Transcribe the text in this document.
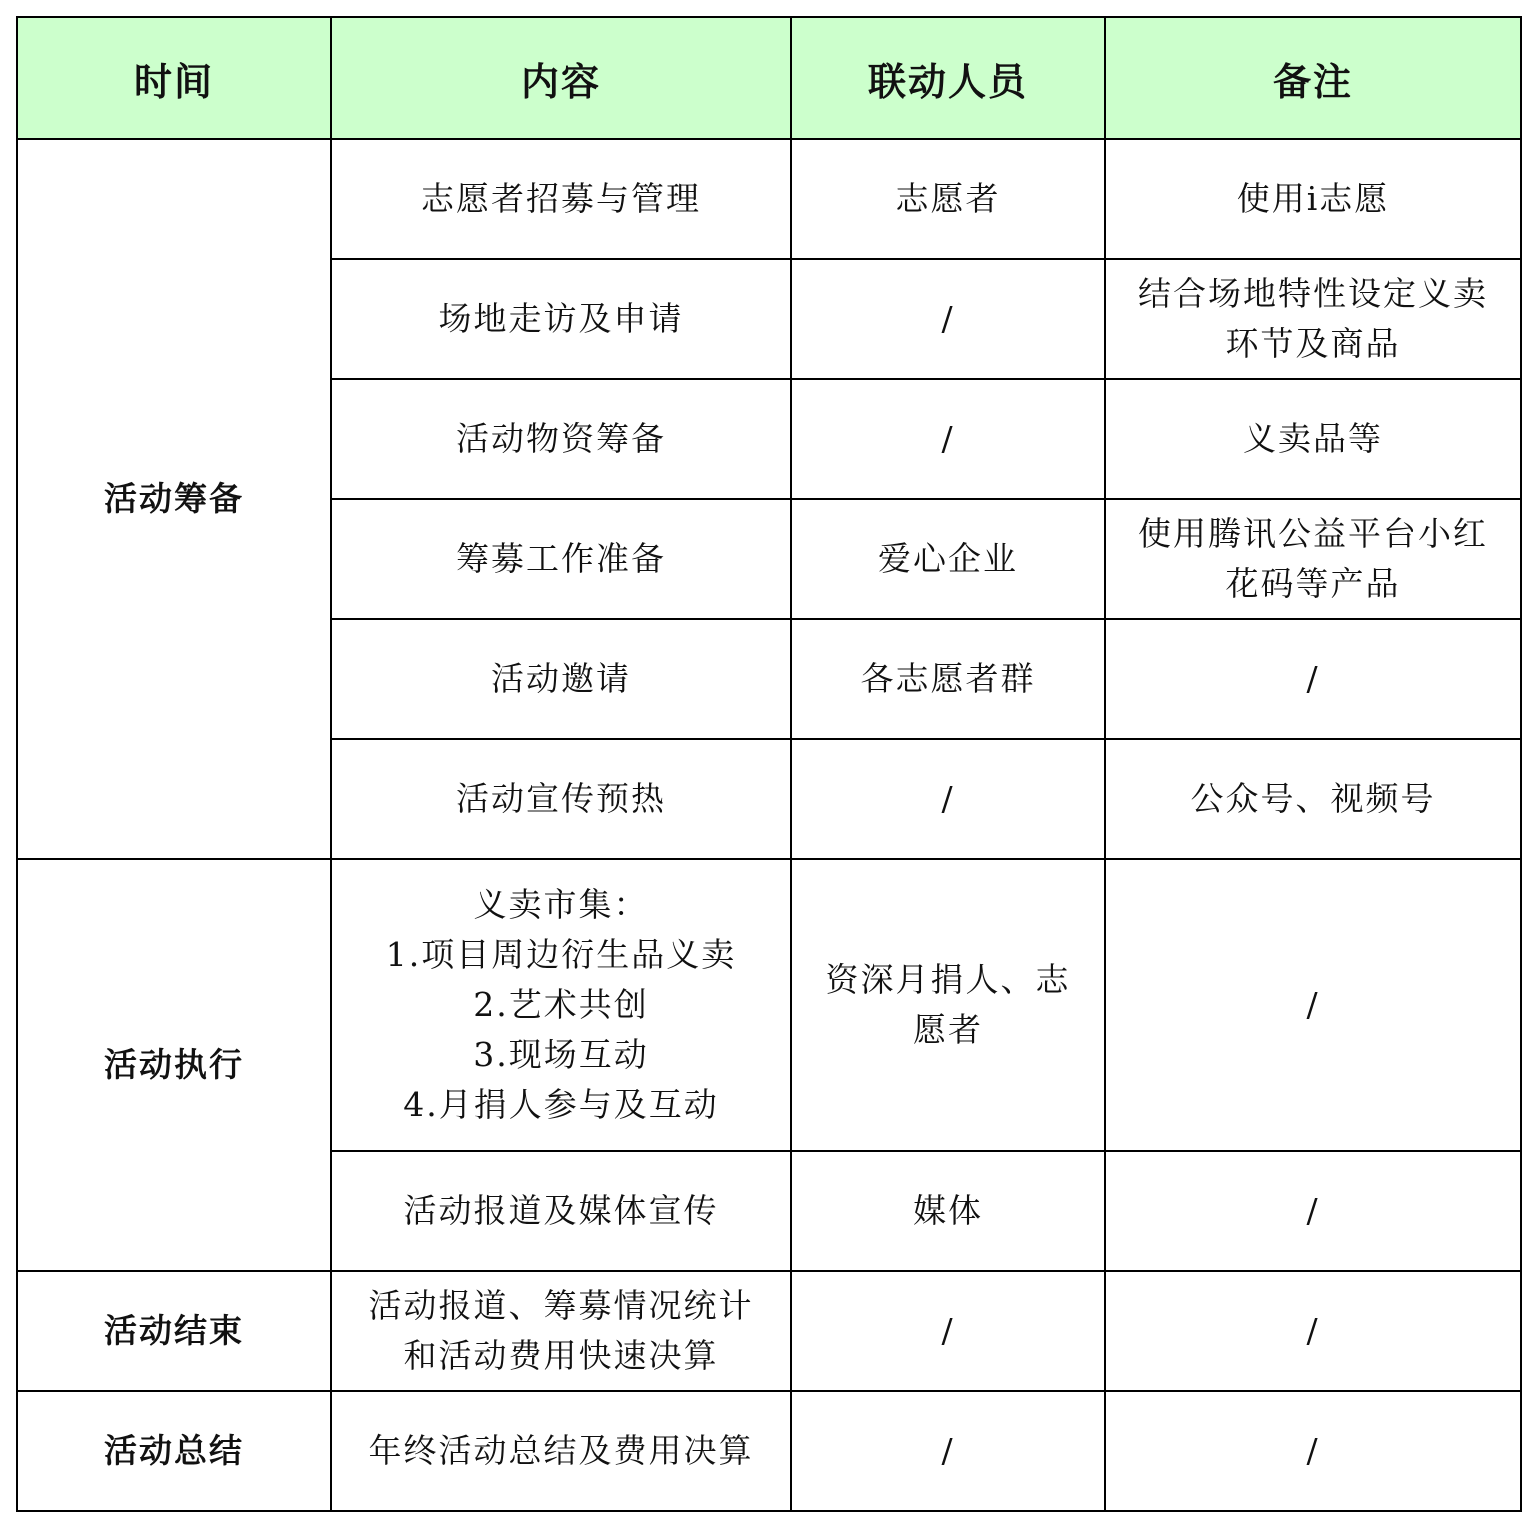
时间	内容	联动人员	备注
活动筹备	志愿者招募与管理	志愿者	使用i志愿
	场地走访及申请	/	结合场地特性设定义卖
环节及商品
	活动物资筹备	/	义卖品等
	筹募工作准备	爱心企业	使用腾讯公益平台小红
花码等产品
	活动邀请	各志愿者群	/
	活动宣传预热	/	公众号、视频号
活动执行	义卖市集：
1.项目周边衍生品义卖
2.艺术共创
3.现场互动
4.月捐人参与及互动	资深月捐人、志
愿者	/
	活动报道及媒体宣传	媒体	/
活动结束	活动报道、筹募情况统计
和活动费用快速决算	/	/
活动总结	年终活动总结及费用决算	/	/
